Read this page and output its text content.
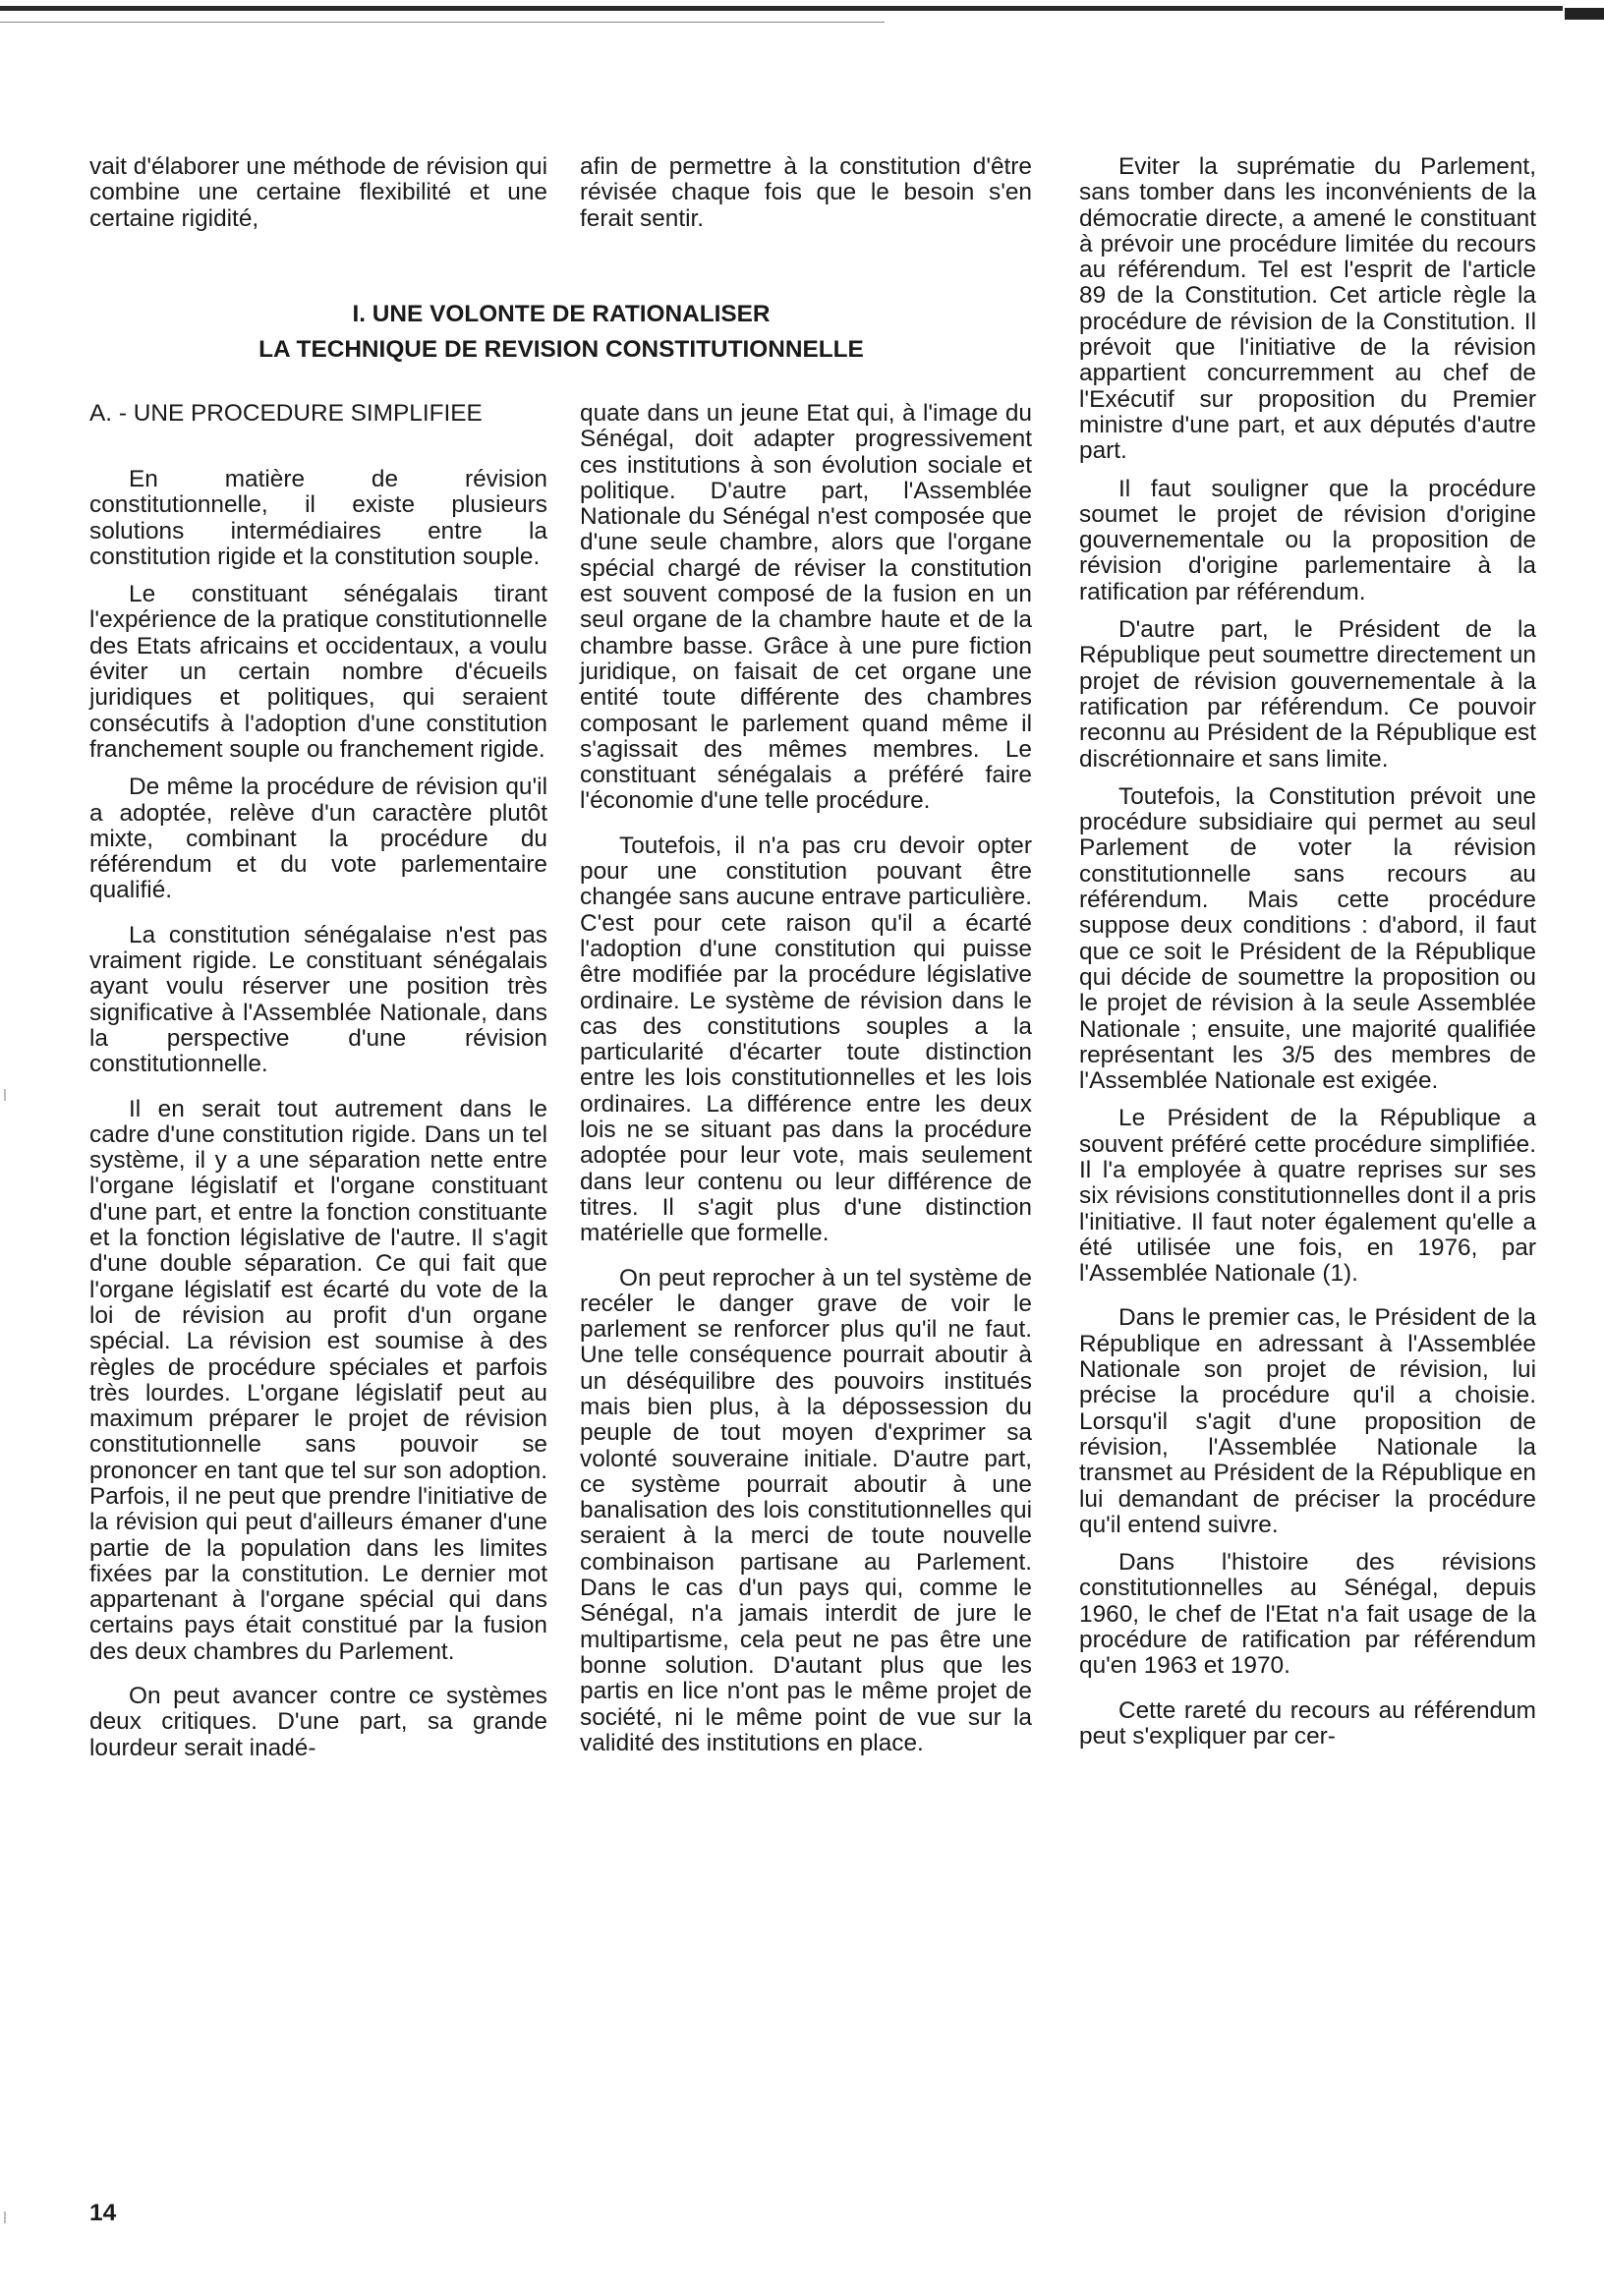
vait d'élaborer une méthode de révision qui combine une certaine flexibilité et une certaine rigidité,

afin de permettre à la constitution d'être révisée chaque fois que le besoin s'en ferait sentir.

I. UNE VOLONTE DE RATIONALISER
LA TECHNIQUE DE REVISION CONSTITUTIONNELLE
A. - UNE PROCEDURE SIMPLIFIEE

En matière de révision constitutionnelle, il existe plusieurs solutions intermédiaires entre la constitution rigide et la constitution souple.

Le constituant sénégalais tirant l'expérience de la pratique constitutionnelle des Etats africains et occidentaux, a voulu éviter un certain nombre d'écueils juridiques et politiques, qui seraient consécutifs à l'adoption d'une constitution franchement souple ou franchement rigide.

De même la procédure de révision qu'il a adoptée, relève d'un caractère plutôt mixte, combinant la procédure du référendum et du vote parlementaire qualifié.

La constitution sénégalaise n'est pas vraiment rigide. Le constituant sénégalais ayant voulu réserver une position très significative à l'Assemblée Nationale, dans la perspective d'une révision constitutionnelle.

Il en serait tout autrement dans le cadre d'une constitution rigide. Dans un tel système, il y a une séparation nette entre l'organe législatif et l'organe constituant d'une part, et entre la fonction constituante et la fonction législative de l'autre. Il s'agit d'une double séparation. Ce qui fait que l'organe législatif est écarté du vote de la loi de révision au profit d'un organe spécial. La révision est soumise à des règles de procédure spéciales et parfois très lourdes. L'organe législatif peut au maximum préparer le projet de révision constitutionnelle sans pouvoir se prononcer en tant que tel sur son adoption. Parfois, il ne peut que prendre l'initiative de la révision qui peut d'ailleurs émaner d'une partie de la population dans les limites fixées par la constitution. Le dernier mot appartenant à l'organe spécial qui dans certains pays était constitué par la fusion des deux chambres du Parlement.

On peut avancer contre ce systèmes deux critiques. D'une part, sa grande lourdeur serait inadé-

quate dans un jeune Etat qui, à l'image du Sénégal, doit adapter progressivement ces institutions à son évolution sociale et politique. D'autre part, l'Assemblée Nationale du Sénégal n'est composée que d'une seule chambre, alors que l'organe spécial chargé de réviser la constitution est souvent composé de la fusion en un seul organe de la chambre haute et de la chambre basse. Grâce à une pure fiction juridique, on faisait de cet organe une entité toute différente des chambres composant le parlement quand même il s'agissait des mêmes membres. Le constituant sénégalais a préféré faire l'économie d'une telle procédure.

Toutefois, il n'a pas cru devoir opter pour une constitution pouvant être changée sans aucune entrave particulière. C'est pour cete raison qu'il a écarté l'adoption d'une constitution qui puisse être modifiée par la procédure législative ordinaire. Le système de révision dans le cas des constitutions souples a la particularité d'écarter toute distinction entre les lois constitutionnelles et les lois ordinaires. La différence entre les deux lois ne se situant pas dans la procédure adoptée pour leur vote, mais seulement dans leur contenu ou leur différence de titres. Il s'agit plus d'une distinction matérielle que formelle.

On peut reprocher à un tel système de recéler le danger grave de voir le parlement se renforcer plus qu'il ne faut. Une telle conséquence pourrait aboutir à un déséquilibre des pouvoirs institués mais bien plus, à la dépossession du peuple de tout moyen d'exprimer sa volonté souveraine initiale. D'autre part, ce système pourrait aboutir à une banalisation des lois constitutionnelles qui seraient à la merci de toute nouvelle combinaison partisane au Parlement. Dans le cas d'un pays qui, comme le Sénégal, n'a jamais interdit de jure le multipartisme, cela peut ne pas être une bonne solution. D'autant plus que les partis en lice n'ont pas le même projet de société, ni le même point de vue sur la validité des institutions en place.

Eviter la suprématie du Parlement, sans tomber dans les inconvénients de la démocratie directe, a amené le constituant à prévoir une procédure limitée du recours au référendum. Tel est l'esprit de l'article 89 de la Constitution. Cet article règle la procédure de révision de la Constitution. Il prévoit que l'initiative de la révision appartient concurremment au chef de l'Exécutif sur proposition du Premier ministre d'une part, et aux députés d'autre part.

Il faut souligner que la procédure soumet le projet de révision d'origine gouvernementale ou la proposition de révision d'origine parlementaire à la ratification par référendum.

D'autre part, le Président de la République peut soumettre directement un projet de révision gouvernementale à la ratification par référendum. Ce pouvoir reconnu au Président de la République est discrétionnaire et sans limite.

Toutefois, la Constitution prévoit une procédure subsidiaire qui permet au seul Parlement de voter la révision constitutionnelle sans recours au référendum. Mais cette procédure suppose deux conditions : d'abord, il faut que ce soit le Président de la République qui décide de soumettre la proposition ou le projet de révision à la seule Assemblée Nationale ; ensuite, une majorité qualifiée représentant les 3/5 des membres de l'Assemblée Nationale est exigée.

Le Président de la République a souvent préféré cette procédure simplifiée. Il l'a employée à quatre reprises sur ses six révisions constitutionnelles dont il a pris l'initiative. Il faut noter également qu'elle a été utilisée une fois, en 1976, par l'Assemblée Nationale (1).

Dans le premier cas, le Président de la République en adressant à l'Assemblée Nationale son projet de révision, lui précise la procédure qu'il a choisie. Lorsqu'il s'agit d'une proposition de révision, l'Assemblée Nationale la transmet au Président de la République en lui demandant de préciser la procédure qu'il entend suivre.

Dans l'histoire des révisions constitutionnelles au Sénégal, depuis 1960, le chef de l'Etat n'a fait usage de la procédure de ratification par référendum qu'en 1963 et 1970.

Cette rareté du recours au référendum peut s'expliquer par cer-

14
